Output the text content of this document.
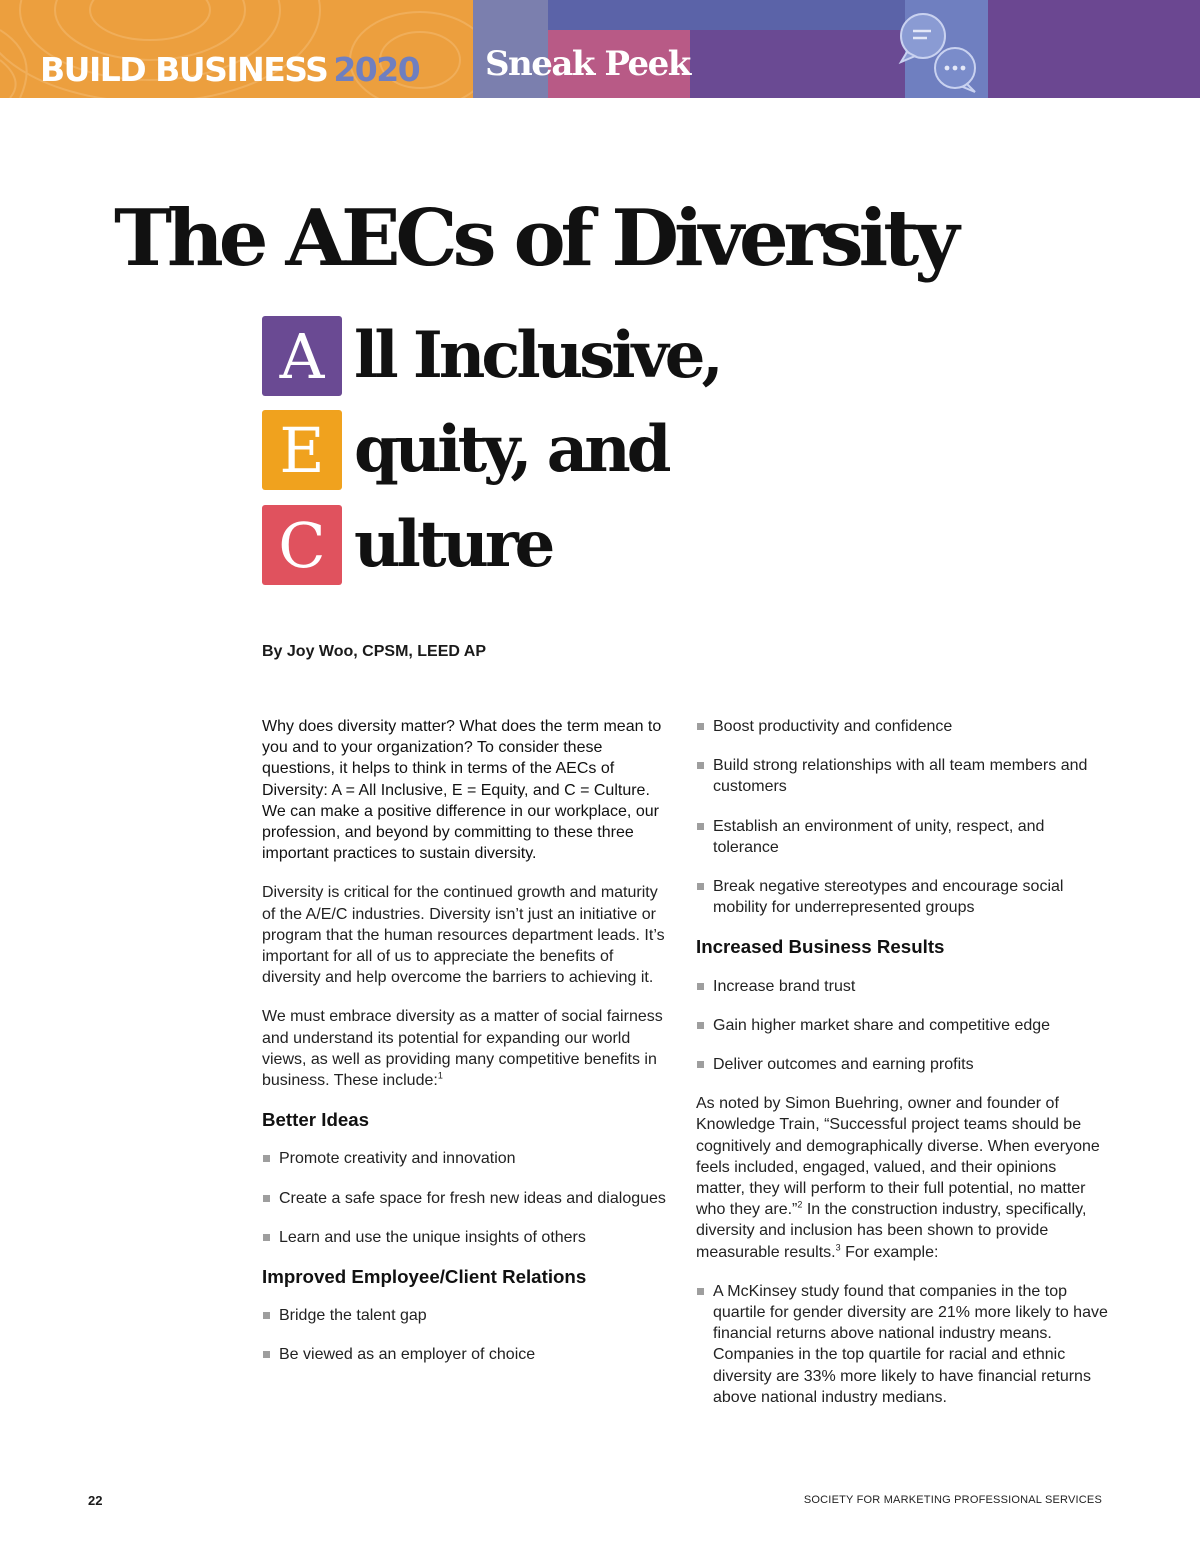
BUILD BUSINESS 2020 Sneak Peek
The AECs of Diversity
A ll Inclusive,
E quity, and
C ulture
By Joy Woo, CPSM, LEED AP

Why does diversity matter? What does the term mean to you and to your organization? To consider these questions, it helps to think in terms of the AECs of Diversity: A = All Inclusive, E = Equity, and C = Culture. We can make a positive difference in our workplace, our profession, and beyond by committing to these three important practices to sustain diversity.

Diversity is critical for the continued growth and maturity of the A/E/C industries. Diversity isn’t just an initiative or program that the human resources department leads. It’s important for all of us to appreciate the benefits of diversity and help overcome the barriers to achieving it.

We must embrace diversity as a matter of social fairness and understand its potential for expanding our world views, as well as providing many competitive benefits in business. These include:$^1$

Better Ideas
Promote creativity and innovation
Create a safe space for fresh new ideas and dialogues
Learn and use the unique insights of others
Improved Employee/Client Relations
Bridge the talent gap
Be viewed as an employer of choice
Boost productivity and confidence
Build strong relationships with all team members and customers
Establish an environment of unity, respect, and tolerance
Break negative stereotypes and encourage social mobility for underrepresented groups
Increased Business Results
Increase brand trust
Gain higher market share and competitive edge
Deliver outcomes and earning profits

As noted by Simon Buehring, owner and founder of Knowledge Train, “Successful project teams should be cognitively and demographically diverse. When everyone feels included, engaged, valued, and their opinions matter, they will perform to their full potential, no matter who they are.”$^2$ In the construction industry, specifically, diversity and inclusion has been shown to provide measurable results.$^3$ For example:

A McKinsey study found that companies in the top quartile for gender diversity are 21% more likely to have financial returns above national industry means. Companies in the top quartile for racial and ethnic diversity are 33% more likely to have financial returns above national industry medians.
22	SOCIETY FOR MARKETING PROFESSIONAL SERVICES
